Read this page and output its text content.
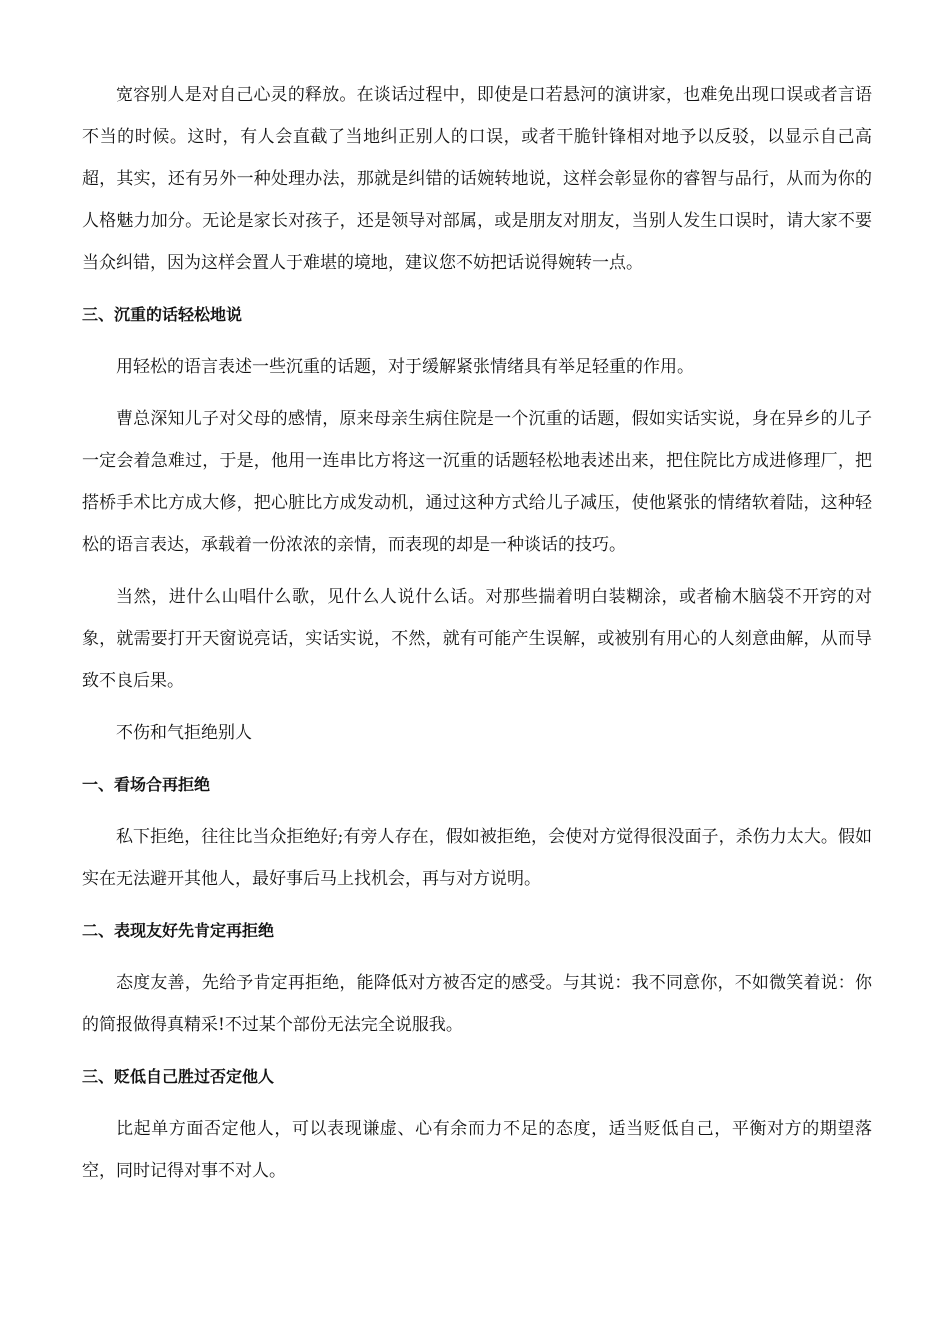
宽容别人是对自己心灵的释放。在谈话过程中，即使是口若悬河的演讲家，也难免出现口误或者言语不当的时候。这时，有人会直截了当地纠正别人的口误，或者干脆针锋相对地予以反驳，以显示自己高超，其实，还有另外一种处理办法，那就是纠错的话婉转地说，这样会彰显你的睿智与品行，从而为你的人格魅力加分。无论是家长对孩子，还是领导对部属，或是朋友对朋友，当别人发生口误时，请大家不要当众纠错，因为这样会置人于难堪的境地，建议您不妨把话说得婉转一点。

三、沉重的话轻松地说

用轻松的语言表述一些沉重的话题，对于缓解紧张情绪具有举足轻重的作用。

曹总深知儿子对父母的感情，原来母亲生病住院是一个沉重的话题，假如实话实说，身在异乡的儿子一定会着急难过，于是，他用一连串比方将这一沉重的话题轻松地表述出来，把住院比方成进修理厂，把搭桥手术比方成大修，把心脏比方成发动机，通过这种方式给儿子减压，使他紧张的情绪软着陆，这种轻松的语言表达，承载着一份浓浓的亲情，而表现的却是一种谈话的技巧。

当然，进什么山唱什么歌，见什么人说什么话。对那些揣着明白装糊涂，或者榆木脑袋不开窍的对象，就需要打开天窗说亮话，实话实说，不然，就有可能产生误解，或被别有用心的人刻意曲解，从而导致不良后果。

不伤和气拒绝别人

一、看场合再拒绝

私下拒绝，往往比当众拒绝好;有旁人存在，假如被拒绝，会使对方觉得很没面子，杀伤力太大。假如实在无法避开其他人，最好事后马上找机会，再与对方说明。

二、表现友好先肯定再拒绝

态度友善，先给予肯定再拒绝，能降低对方被否定的感受。与其说：我不同意你，不如微笑着说：你的简报做得真精采!不过某个部份无法完全说服我。

三、贬低自己胜过否定他人

比起单方面否定他人，可以表现谦虚、心有余而力不足的态度，适当贬低自己，平衡对方的期望落空，同时记得对事不对人。
